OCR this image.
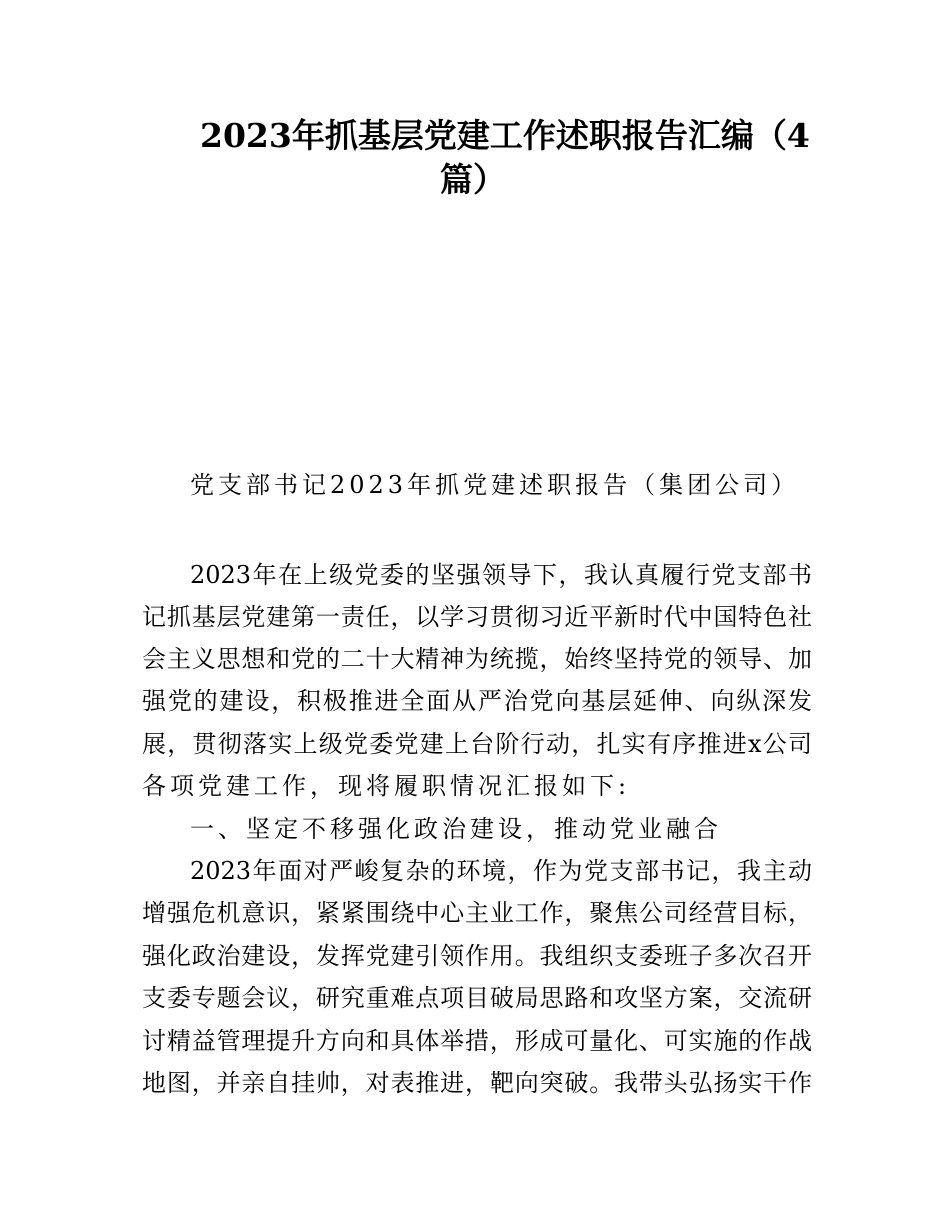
2023年抓基层党建工作述职报告汇编（4
篇）
党支部书记2023年抓党建述职报告（集团公司）
2023年在上级党委的坚强领导下，我认真履行党支部书
记抓基层党建第一责任，以学习贯彻习近平新时代中国特色社
会主义思想和党的二十大精神为统揽，始终坚持党的领导、加
强党的建设，积极推进全面从严治党向基层延伸、向纵深发
展，贯彻落实上级党委党建上台阶行动，扎实有序推进x公司
各项党建工作，现将履职情况汇报如下:
一、坚定不移强化政治建设，推动党业融合
2023年面对严峻复杂的环境，作为党支部书记，我主动
增强危机意识，紧紧围绕中心主业工作，聚焦公司经营目标，
强化政治建设，发挥党建引领作用。我组织支委班子多次召开
支委专题会议，研究重难点项目破局思路和攻坚方案，交流研
讨精益管理提升方向和具体举措，形成可量化、可实施的作战
地图，并亲自挂帅，对表推进，靶向突破。我带头弘扬实干作
